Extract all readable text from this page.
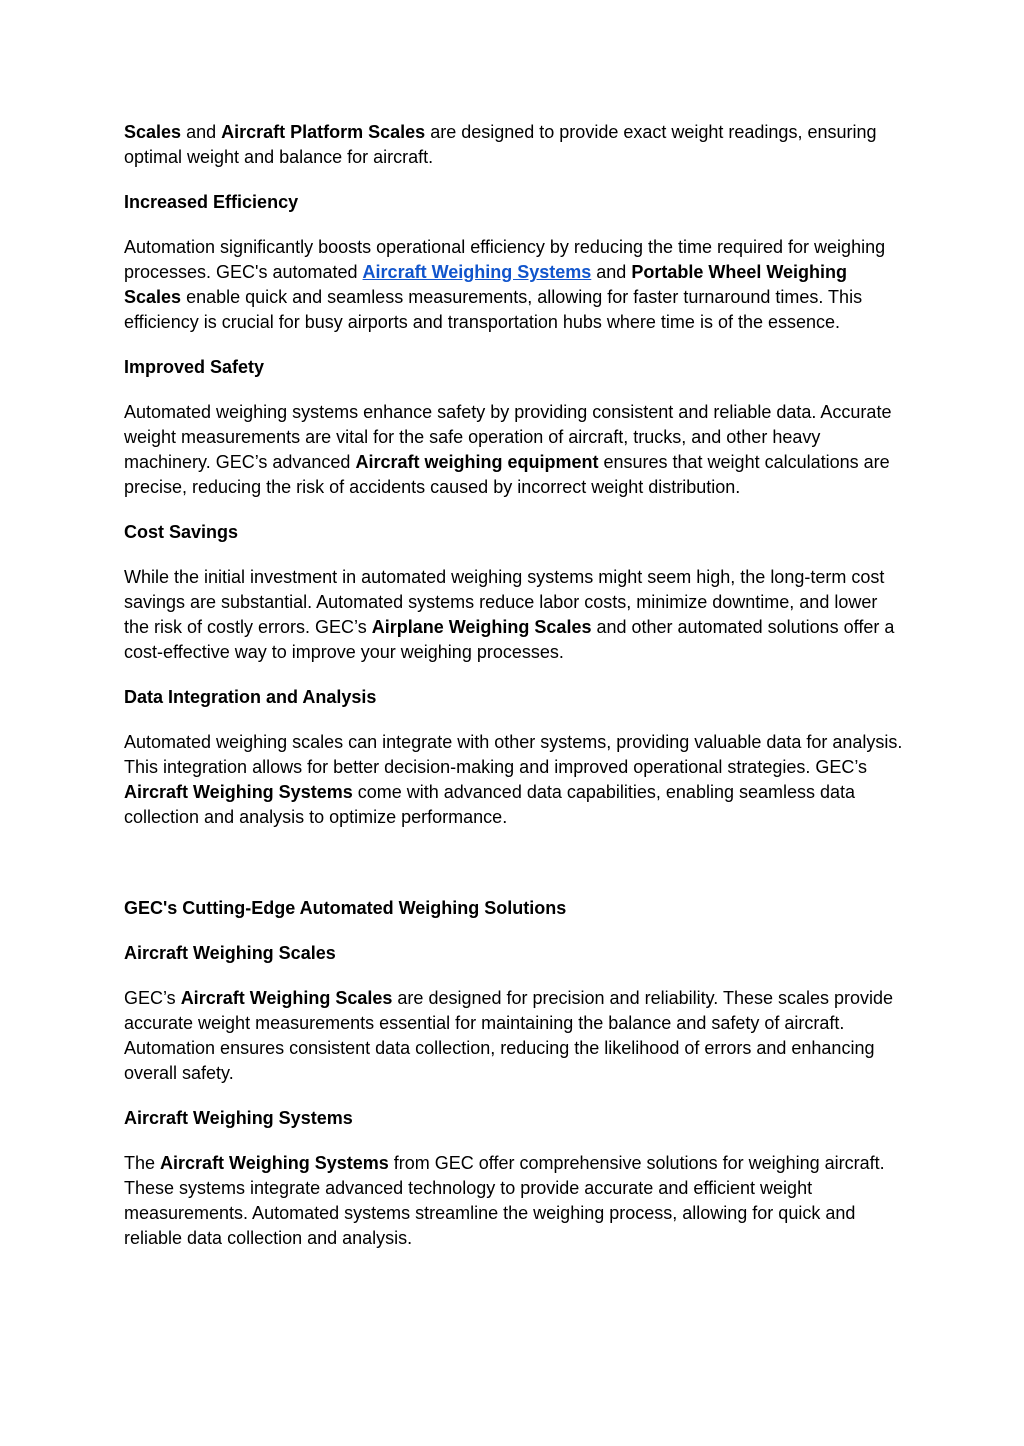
Scales and Aircraft Platform Scales are designed to provide exact weight readings, ensuring optimal weight and balance for aircraft.

Increased Efficiency

Automation significantly boosts operational efficiency by reducing the time required for weighing processes. GEC's automated Aircraft Weighing Systems and Portable Wheel Weighing Scales enable quick and seamless measurements, allowing for faster turnaround times. This efficiency is crucial for busy airports and transportation hubs where time is of the essence.

Improved Safety

Automated weighing systems enhance safety by providing consistent and reliable data. Accurate weight measurements are vital for the safe operation of aircraft, trucks, and other heavy machinery. GEC’s advanced Aircraft weighing equipment ensures that weight calculations are precise, reducing the risk of accidents caused by incorrect weight distribution.

Cost Savings

While the initial investment in automated weighing systems might seem high, the long-term cost savings are substantial. Automated systems reduce labor costs, minimize downtime, and lower the risk of costly errors. GEC’s Airplane Weighing Scales and other automated solutions offer a cost-effective way to improve your weighing processes.

Data Integration and Analysis

Automated weighing scales can integrate with other systems, providing valuable data for analysis. This integration allows for better decision-making and improved operational strategies. GEC’s Aircraft Weighing Systems come with advanced data capabilities, enabling seamless data collection and analysis to optimize performance.

GEC's Cutting-Edge Automated Weighing Solutions

Aircraft Weighing Scales

GEC’s Aircraft Weighing Scales are designed for precision and reliability. These scales provide accurate weight measurements essential for maintaining the balance and safety of aircraft. Automation ensures consistent data collection, reducing the likelihood of errors and enhancing overall safety.

Aircraft Weighing Systems

The Aircraft Weighing Systems from GEC offer comprehensive solutions for weighing aircraft. These systems integrate advanced technology to provide accurate and efficient weight measurements. Automated systems streamline the weighing process, allowing for quick and reliable data collection and analysis.
